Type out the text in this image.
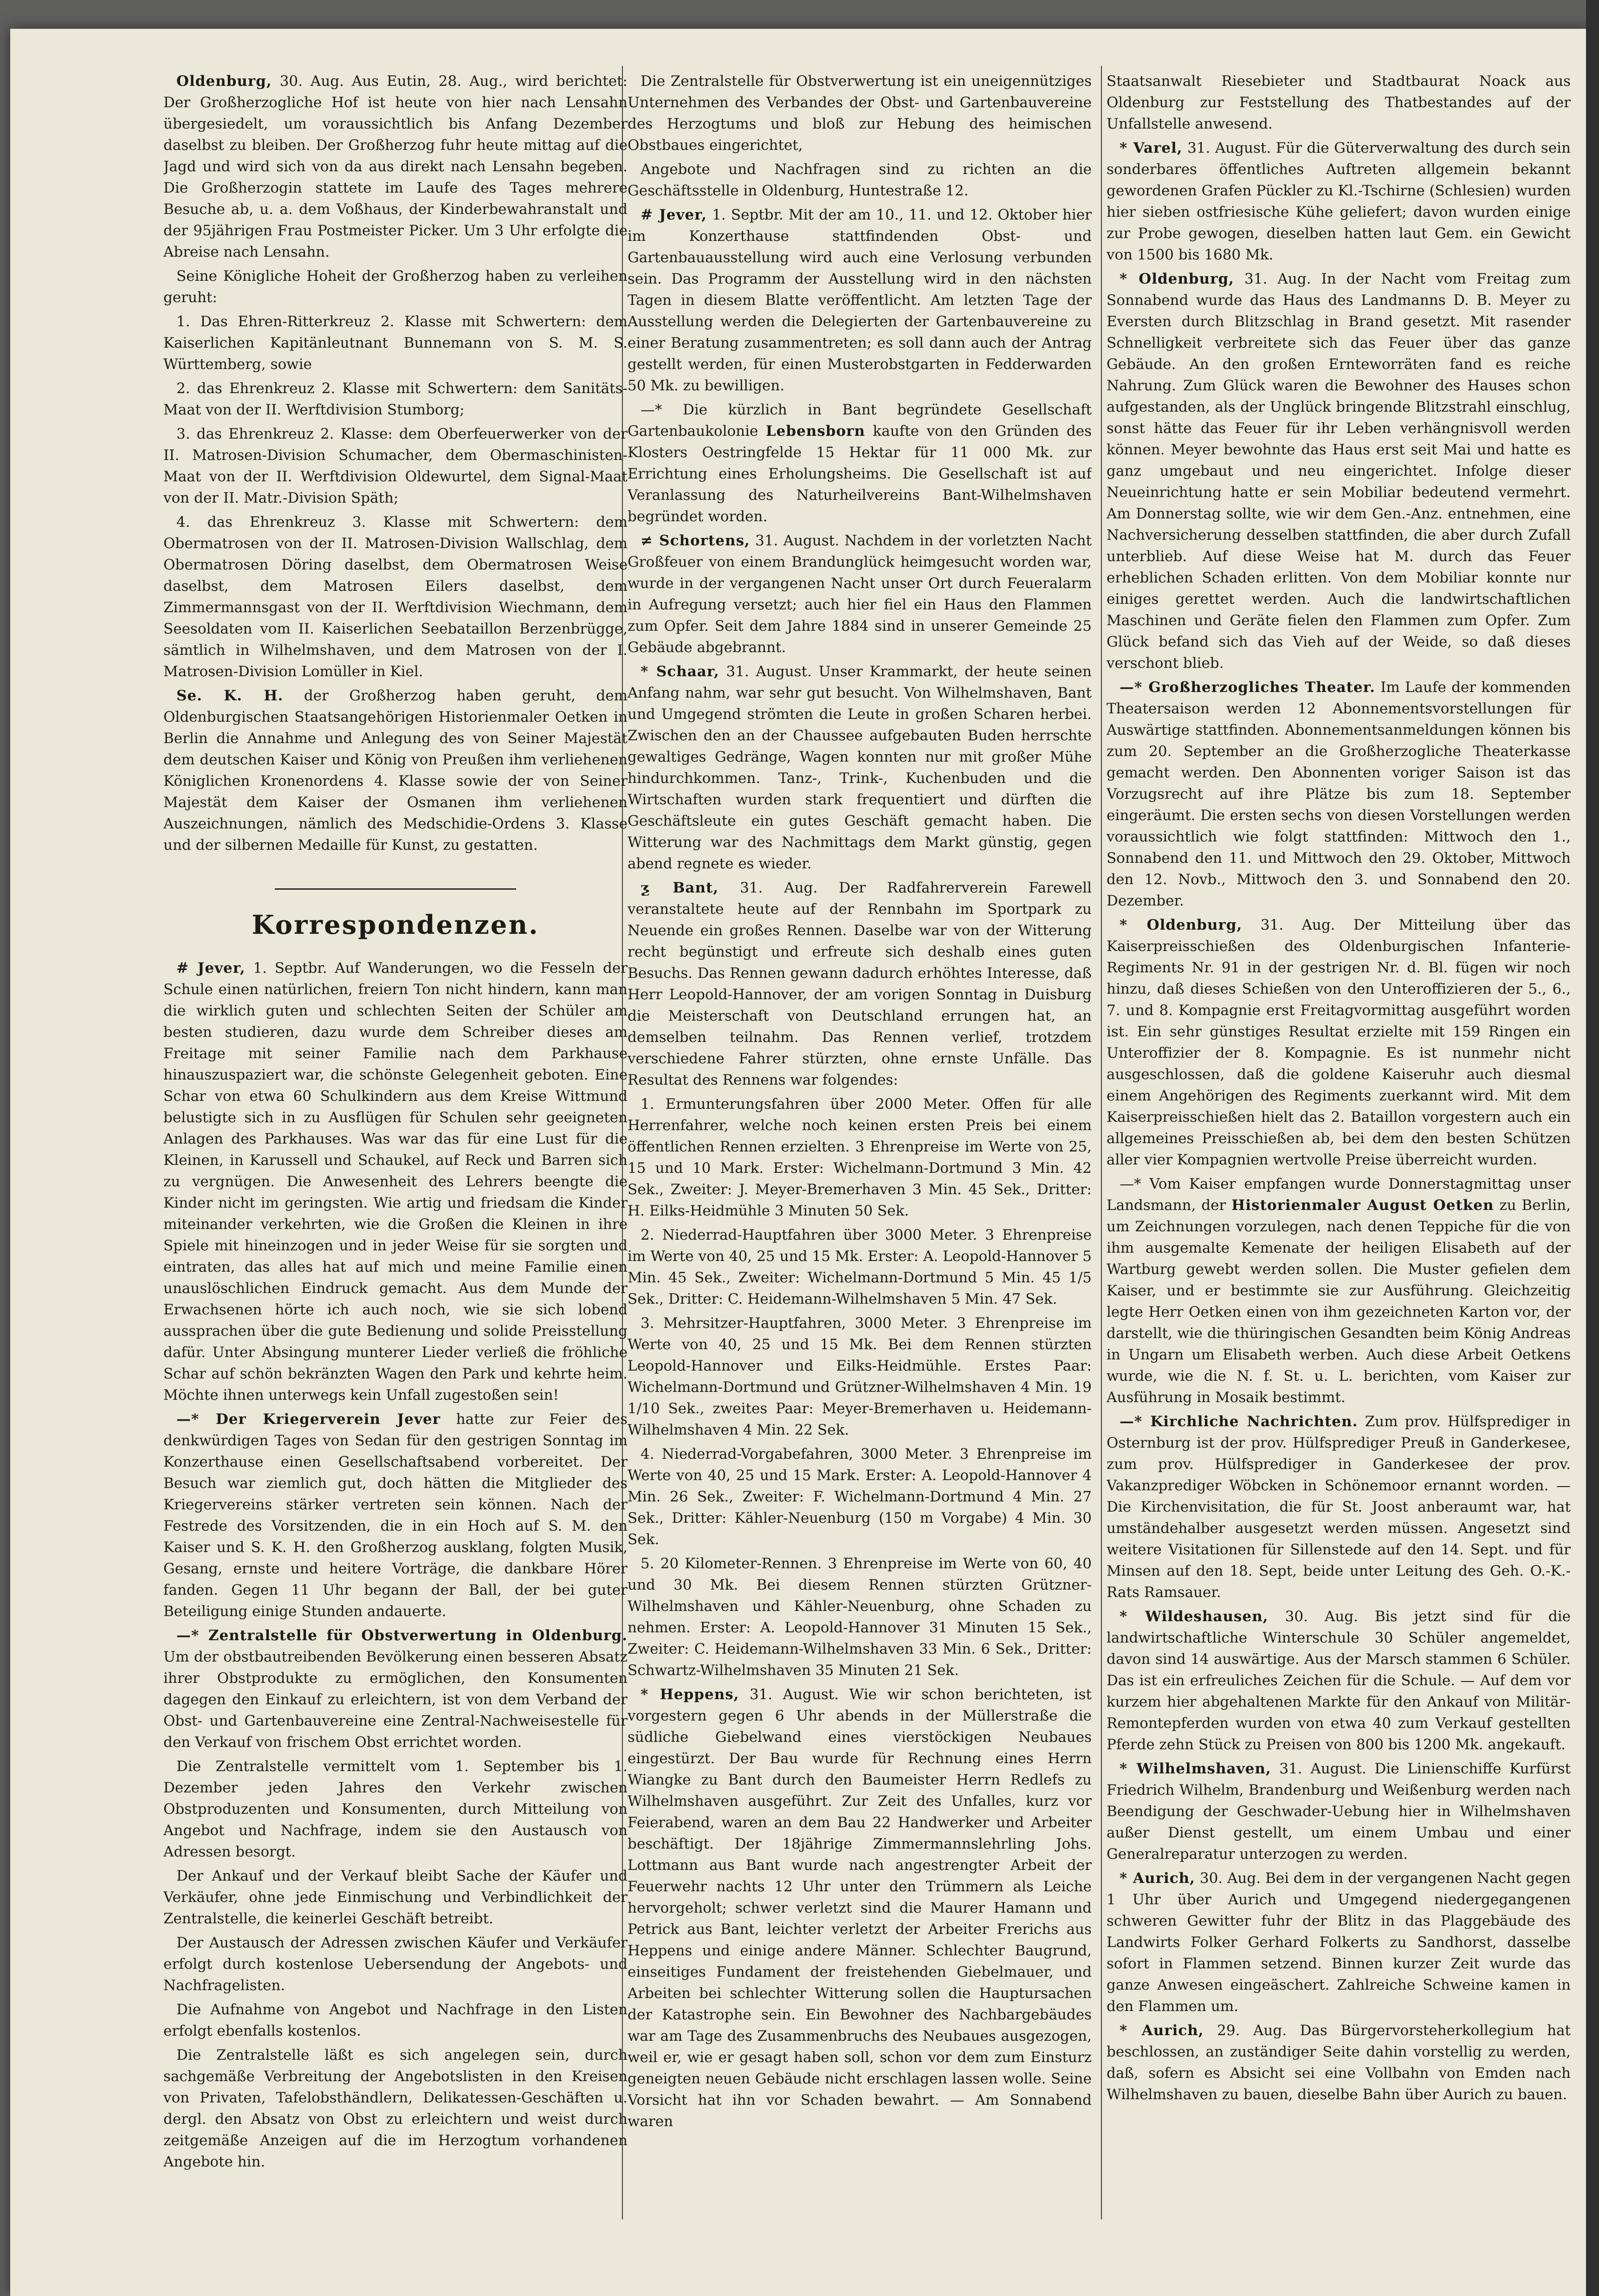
Oldenburg, 30. Aug. Aus Eutin, 28. Aug., wird berichtet: Der Großherzogliche Hof ist heute von hier nach Lensahn übergesiedelt, um voraussichtlich bis Anfang Dezember daselbst zu bleiben. Der Großherzog fuhr heute mittag auf die Jagd und wird sich von da aus direkt nach Lensahn begeben. Die Großherzogin stattete im Laufe des Tages mehrere Besuche ab, u. a. dem Voßhaus, der Kinderbewahranstalt und der 95jährigen Frau Postmeister Picker. Um 3 Uhr erfolgte die Abreise nach Lensahn.

Seine Königliche Hoheit der Großherzog haben zu verleihen geruht:

1. Das Ehren-Ritterkreuz 2. Klasse mit Schwertern: dem Kaiserlichen Kapitänleutnant Bunnemann von S. M. S. Württemberg, sowie

2. das Ehrenkreuz 2. Klasse mit Schwertern: dem Sanitäts-Maat von der II. Werftdivision Stumborg;

3. das Ehrenkreuz 2. Klasse: dem Oberfeuerwerker von der II. Matrosen-Division Schumacher, dem Obermaschinisten-Maat von der II. Werftdivision Oldewurtel, dem Signal-Maat von der II. Matr.-Division Späth;

4. das Ehrenkreuz 3. Klasse mit Schwertern: dem Obermatrosen von der II. Matrosen-Division Wallschlag, dem Obermatrosen Döring daselbst, dem Obermatrosen Weise daselbst, dem Matrosen Eilers daselbst, dem Zimmermannsgast von der II. Werftdivision Wiechmann, dem Seesoldaten vom II. Kaiserlichen Seebataillon Berzenbrügge, sämtlich in Wilhelmshaven, und dem Matrosen von der I. Matrosen-Division Lomüller in Kiel.

Se. K. H. der Großherzog haben geruht, dem Oldenburgischen Staatsangehörigen Historienmaler Oetken in Berlin die Annahme und Anlegung des von Seiner Majestät dem deutschen Kaiser und König von Preußen ihm verliehenen Königlichen Kronenordens 4. Klasse sowie der von Seiner Majestät dem Kaiser der Osmanen ihm verliehenen Auszeichnungen, nämlich des Medschidie-Ordens 3. Klasse und der silbernen Medaille für Kunst, zu gestatten.

Korrespondenzen.

# Jever, 1. Septbr. Auf Wanderungen, wo die Fesseln der Schule einen natürlichen, freiern Ton nicht hindern, kann man die wirklich guten und schlechten Seiten der Schüler am besten studieren, dazu wurde dem Schreiber dieses am Freitage mit seiner Familie nach dem Parkhause hinauszuspaziert war, die schönste Gelegenheit geboten. Eine Schar von etwa 60 Schulkindern aus dem Kreise Wittmund belustigte sich in zu Ausflügen für Schulen sehr geeigneten Anlagen des Parkhauses. Was war das für eine Lust für die Kleinen, in Karussell und Schaukel, auf Reck und Barren sich zu vergnügen. Die Anwesenheit des Lehrers beengte die Kinder nicht im geringsten. Wie artig und friedsam die Kinder miteinander verkehrten, wie die Großen die Kleinen in ihre Spiele mit hineinzogen und in jeder Weise für sie sorgten und eintraten, das alles hat auf mich und meine Familie einen unauslöschlichen Eindruck gemacht. Aus dem Munde der Erwachsenen hörte ich auch noch, wie sie sich lobend aussprachen über die gute Bedienung und solide Preisstellung dafür. Unter Absingung munterer Lieder verließ die fröhliche Schar auf schön bekränzten Wagen den Park und kehrte heim. Möchte ihnen unterwegs kein Unfall zugestoßen sein!

—* Der Kriegerverein Jever hatte zur Feier des denkwürdigen Tages von Sedan für den gestrigen Sonntag im Konzerthause einen Gesellschaftsabend vorbereitet. Der Besuch war ziemlich gut, doch hätten die Mitglieder des Kriegervereins stärker vertreten sein können. Nach der Festrede des Vorsitzenden, die in ein Hoch auf S. M. den Kaiser und S. K. H. den Großherzog ausklang, folgten Musik, Gesang, ernste und heitere Vorträge, die dankbare Hörer fanden. Gegen 11 Uhr begann der Ball, der bei guter Beteiligung einige Stunden andauerte.

—* Zentralstelle für Obstverwertung in Oldenburg. Um der obstbautreibenden Bevölkerung einen besseren Absatz ihrer Obstprodukte zu ermöglichen, den Konsumenten dagegen den Einkauf zu erleichtern, ist von dem Verband der Obst- und Gartenbauvereine eine Zentral-Nachweisestelle für den Verkauf von frischem Obst errichtet worden.

Die Zentralstelle vermittelt vom 1. September bis 1. Dezember jeden Jahres den Verkehr zwischen Obstproduzenten und Konsumenten, durch Mitteilung von Angebot und Nachfrage, indem sie den Austausch von Adressen besorgt.

Der Ankauf und der Verkauf bleibt Sache der Käufer und Verkäufer, ohne jede Einmischung und Verbindlichkeit der Zentralstelle, die keinerlei Geschäft betreibt.

Der Austausch der Adressen zwischen Käufer und Verkäufer erfolgt durch kostenlose Uebersendung der Angebots- und Nachfragelisten.

Die Aufnahme von Angebot und Nachfrage in den Listen erfolgt ebenfalls kostenlos.

Die Zentralstelle läßt es sich angelegen sein, durch sachgemäße Verbreitung der Angebotslisten in den Kreisen von Privaten, Tafelobsthändlern, Delikatessen-Geschäften u. dergl. den Absatz von Obst zu erleichtern und weist durch zeitgemäße Anzeigen auf die im Herzogtum vorhandenen Angebote hin.

Die Zentralstelle für Obstverwertung ist ein uneigennütziges Unternehmen des Verbandes der Obst- und Gartenbauvereine des Herzogtums und bloß zur Hebung des heimischen Obstbaues eingerichtet,

Angebote und Nachfragen sind zu richten an die Geschäftsstelle in Oldenburg, Huntestraße 12.

# Jever, 1. Septbr. Mit der am 10., 11. und 12. Oktober hier im Konzerthause stattfindenden Obst- und Gartenbauausstellung wird auch eine Verlosung verbunden sein. Das Programm der Ausstellung wird in den nächsten Tagen in diesem Blatte veröffentlicht. Am letzten Tage der Ausstellung werden die Delegierten der Gartenbauvereine zu einer Beratung zusammentreten; es soll dann auch der Antrag gestellt werden, für einen Musterobstgarten in Fedderwarden 50 Mk. zu bewilligen.

—* Die kürzlich in Bant begründete Gesellschaft Gartenbaukolonie Lebensborn kaufte von den Gründen des Klosters Oestringfelde 15 Hektar für 11 000 Mk. zur Errichtung eines Erholungsheims. Die Gesellschaft ist auf Veranlassung des Naturheilvereins Bant-Wilhelmshaven begründet worden.

≠ Schortens, 31. August. Nachdem in der vorletzten Nacht Großfeuer von einem Brandunglück heimgesucht worden war, wurde in der vergangenen Nacht unser Ort durch Feueralarm in Aufregung versetzt; auch hier fiel ein Haus den Flammen zum Opfer. Seit dem Jahre 1884 sind in unserer Gemeinde 25 Gebäude abgebrannt.

* Schaar, 31. August. Unser Krammarkt, der heute seinen Anfang nahm, war sehr gut besucht. Von Wilhelmshaven, Bant und Umgegend strömten die Leute in großen Scharen herbei. Zwischen den an der Chaussee aufgebauten Buden herrschte gewaltiges Gedränge, Wagen konnten nur mit großer Mühe hindurchkommen. Tanz-, Trink-, Kuchenbuden und die Wirtschaften wurden stark frequentiert und dürften die Geschäftsleute ein gutes Geschäft gemacht haben. Die Witterung war des Nachmittags dem Markt günstig, gegen abend regnete es wieder.

ƺ Bant, 31. Aug. Der Radfahrerverein Farewell veranstaltete heute auf der Rennbahn im Sportpark zu Neuende ein großes Rennen. Daselbe war von der Witterung recht begünstigt und erfreute sich deshalb eines guten Besuchs. Das Rennen gewann dadurch erhöhtes Interesse, daß Herr Leopold-Hannover, der am vorigen Sonntag in Duisburg die Meisterschaft von Deutschland errungen hat, an demselben teilnahm. Das Rennen verlief, trotzdem verschiedene Fahrer stürzten, ohne ernste Unfälle. Das Resultat des Rennens war folgendes:

1. Ermunterungsfahren über 2000 Meter. Offen für alle Herrenfahrer, welche noch keinen ersten Preis bei einem öffentlichen Rennen erzielten. 3 Ehrenpreise im Werte von 25, 15 und 10 Mark. Erster: Wichelmann-Dortmund 3 Min. 42 Sek., Zweiter: J. Meyer-Bremerhaven 3 Min. 45 Sek., Dritter: H. Eilks-Heidmühle 3 Minuten 50 Sek.

2. Niederrad-Hauptfahren über 3000 Meter. 3 Ehrenpreise im Werte von 40, 25 und 15 Mk. Erster: A. Leopold-Hannover 5 Min. 45 Sek., Zweiter: Wichelmann-Dortmund 5 Min. 45 1/5 Sek., Dritter: C. Heidemann-Wilhelmshaven 5 Min. 47 Sek.

3. Mehrsitzer-Hauptfahren, 3000 Meter. 3 Ehrenpreise im Werte von 40, 25 und 15 Mk. Bei dem Rennen stürzten Leopold-Hannover und Eilks-Heidmühle. Erstes Paar: Wichelmann-Dortmund und Grützner-Wilhelmshaven 4 Min. 19 1/10 Sek., zweites Paar: Meyer-Bremerhaven u. Heidemann-Wilhelmshaven 4 Min. 22 Sek.

4. Niederrad-Vorgabefahren, 3000 Meter. 3 Ehrenpreise im Werte von 40, 25 und 15 Mark. Erster: A. Leopold-Hannover 4 Min. 26 Sek., Zweiter: F. Wichelmann-Dortmund 4 Min. 27 Sek., Dritter: Kähler-Neuenburg (150 m Vorgabe) 4 Min. 30 Sek.

5. 20 Kilometer-Rennen. 3 Ehrenpreise im Werte von 60, 40 und 30 Mk. Bei diesem Rennen stürzten Grützner-Wilhelmshaven und Kähler-Neuenburg, ohne Schaden zu nehmen. Erster: A. Leopold-Hannover 31 Minuten 15 Sek., Zweiter: C. Heidemann-Wilhelmshaven 33 Min. 6 Sek., Dritter: Schwartz-Wilhelmshaven 35 Minuten 21 Sek.

* Heppens, 31. August. Wie wir schon berichteten, ist vorgestern gegen 6 Uhr abends in der Müllerstraße die südliche Giebelwand eines vierstöckigen Neubaues eingestürzt. Der Bau wurde für Rechnung eines Herrn Wiangke zu Bant durch den Baumeister Herrn Redlefs zu Wilhelmshaven ausgeführt. Zur Zeit des Unfalles, kurz vor Feierabend, waren an dem Bau 22 Handwerker und Arbeiter beschäftigt. Der 18jährige Zimmermannslehrling Johs. Lottmann aus Bant wurde nach angestrengter Arbeit der Feuerwehr nachts 12 Uhr unter den Trümmern als Leiche hervorgeholt; schwer verletzt sind die Maurer Hamann und Petrick aus Bant, leichter verletzt der Arbeiter Frerichs aus Heppens und einige andere Männer. Schlechter Baugrund, einseitiges Fundament der freistehenden Giebelmauer, und Arbeiten bei schlechter Witterung sollen die Hauptursachen der Katastrophe sein. Ein Bewohner des Nachbargebäudes war am Tage des Zusammenbruchs des Neubaues ausgezogen, weil er, wie er gesagt haben soll, schon vor dem zum Einsturz geneigten neuen Gebäude nicht erschlagen lassen wolle. Seine Vorsicht hat ihn vor Schaden bewahrt. — Am Sonnabend waren

Staatsanwalt Riesebieter und Stadtbaurat Noack aus Oldenburg zur Feststellung des Thatbestandes auf der Unfallstelle anwesend.

* Varel, 31. August. Für die Güterverwaltung des durch sein sonderbares öffentliches Auftreten allgemein bekannt gewordenen Grafen Pückler zu Kl.-Tschirne (Schlesien) wurden hier sieben ostfriesische Kühe geliefert; davon wurden einige zur Probe gewogen, dieselben hatten laut Gem. ein Gewicht von 1500 bis 1680 Mk.

* Oldenburg, 31. Aug. In der Nacht vom Freitag zum Sonnabend wurde das Haus des Landmanns D. B. Meyer zu Eversten durch Blitzschlag in Brand gesetzt. Mit rasender Schnelligkeit verbreitete sich das Feuer über das ganze Gebäude. An den großen Ernteworräten fand es reiche Nahrung. Zum Glück waren die Bewohner des Hauses schon aufgestanden, als der Unglück bringende Blitzstrahl einschlug, sonst hätte das Feuer für ihr Leben verhängnisvoll werden können. Meyer bewohnte das Haus erst seit Mai und hatte es ganz umgebaut und neu eingerichtet. Infolge dieser Neueinrichtung hatte er sein Mobiliar bedeutend vermehrt. Am Donnerstag sollte, wie wir dem Gen.-Anz. entnehmen, eine Nachversicherung desselben stattfinden, die aber durch Zufall unterblieb. Auf diese Weise hat M. durch das Feuer erheblichen Schaden erlitten. Von dem Mobiliar konnte nur einiges gerettet werden. Auch die landwirtschaftlichen Maschinen und Geräte fielen den Flammen zum Opfer. Zum Glück befand sich das Vieh auf der Weide, so daß dieses verschont blieb.

—* Großherzogliches Theater. Im Laufe der kommenden Theatersaison werden 12 Abonnementsvorstellungen für Auswärtige stattfinden. Abonnementsanmeldungen können bis zum 20. September an die Großherzogliche Theaterkasse gemacht werden. Den Abonnenten voriger Saison ist das Vorzugsrecht auf ihre Plätze bis zum 18. September eingeräumt. Die ersten sechs von diesen Vorstellungen werden voraussichtlich wie folgt stattfinden: Mittwoch den 1., Sonnabend den 11. und Mittwoch den 29. Oktober, Mittwoch den 12. Novb., Mittwoch den 3. und Sonnabend den 20. Dezember.

* Oldenburg, 31. Aug. Der Mitteilung über das Kaiserpreisschießen des Oldenburgischen Infanterie-Regiments Nr. 91 in der gestrigen Nr. d. Bl. fügen wir noch hinzu, daß dieses Schießen von den Unteroffizieren der 5., 6., 7. und 8. Kompagnie erst Freitagvormittag ausgeführt worden ist. Ein sehr günstiges Resultat erzielte mit 159 Ringen ein Unteroffizier der 8. Kompagnie. Es ist nunmehr nicht ausgeschlossen, daß die goldene Kaiseruhr auch diesmal einem Angehörigen des Regiments zuerkannt wird. Mit dem Kaiserpreisschießen hielt das 2. Bataillon vorgestern auch ein allgemeines Preisschießen ab, bei dem den besten Schützen aller vier Kompagnien wertvolle Preise überreicht wurden.

—* Vom Kaiser empfangen wurde Donnerstagmittag unser Landsmann, der Historienmaler August Oetken zu Berlin, um Zeichnungen vorzulegen, nach denen Teppiche für die von ihm ausgemalte Kemenate der heiligen Elisabeth auf der Wartburg gewebt werden sollen. Die Muster gefielen dem Kaiser, und er bestimmte sie zur Ausführung. Gleichzeitig legte Herr Oetken einen von ihm gezeichneten Karton vor, der darstellt, wie die thüringischen Gesandten beim König Andreas in Ungarn um Elisabeth werben. Auch diese Arbeit Oetkens wurde, wie die N. f. St. u. L. berichten, vom Kaiser zur Ausführung in Mosaik bestimmt.

—* Kirchliche Nachrichten. Zum prov. Hülfsprediger in Osternburg ist der prov. Hülfsprediger Preuß in Ganderkesee, zum prov. Hülfsprediger in Ganderkesee der prov. Vakanzprediger Wöbcken in Schönemoor ernannt worden. — Die Kirchenvisitation, die für St. Joost anberaumt war, hat umständehalber ausgesetzt werden müssen. Angesetzt sind weitere Visitationen für Sillenstede auf den 14. Sept. und für Minsen auf den 18. Sept, beide unter Leitung des Geh. O.-K.-Rats Ramsauer.

* Wildeshausen, 30. Aug. Bis jetzt sind für die landwirtschaftliche Winterschule 30 Schüler angemeldet, davon sind 14 auswärtige. Aus der Marsch stammen 6 Schüler. Das ist ein erfreuliches Zeichen für die Schule. — Auf dem vor kurzem hier abgehaltenen Markte für den Ankauf von Militär-Remontepferden wurden von etwa 40 zum Verkauf gestellten Pferde zehn Stück zu Preisen von 800 bis 1200 Mk. angekauft.

* Wilhelmshaven, 31. August. Die Linienschiffe Kurfürst Friedrich Wilhelm, Brandenburg und Weißenburg werden nach Beendigung der Geschwader-Uebung hier in Wilhelmshaven außer Dienst gestellt, um einem Umbau und einer Generalreparatur unterzogen zu werden.

* Aurich, 30. Aug. Bei dem in der vergangenen Nacht gegen 1 Uhr über Aurich und Umgegend niedergegangenen schweren Gewitter fuhr der Blitz in das Plaggebäude des Landwirts Folker Gerhard Folkerts zu Sandhorst, dasselbe sofort in Flammen setzend. Binnen kurzer Zeit wurde das ganze Anwesen eingeäschert. Zahlreiche Schweine kamen in den Flammen um.

* Aurich, 29. Aug. Das Bürgervorsteherkollegium hat beschlossen, an zuständiger Seite dahin vorstellig zu werden, daß, sofern es Absicht sei eine Vollbahn von Emden nach Wilhelmshaven zu bauen, dieselbe Bahn über Aurich zu bauen.
